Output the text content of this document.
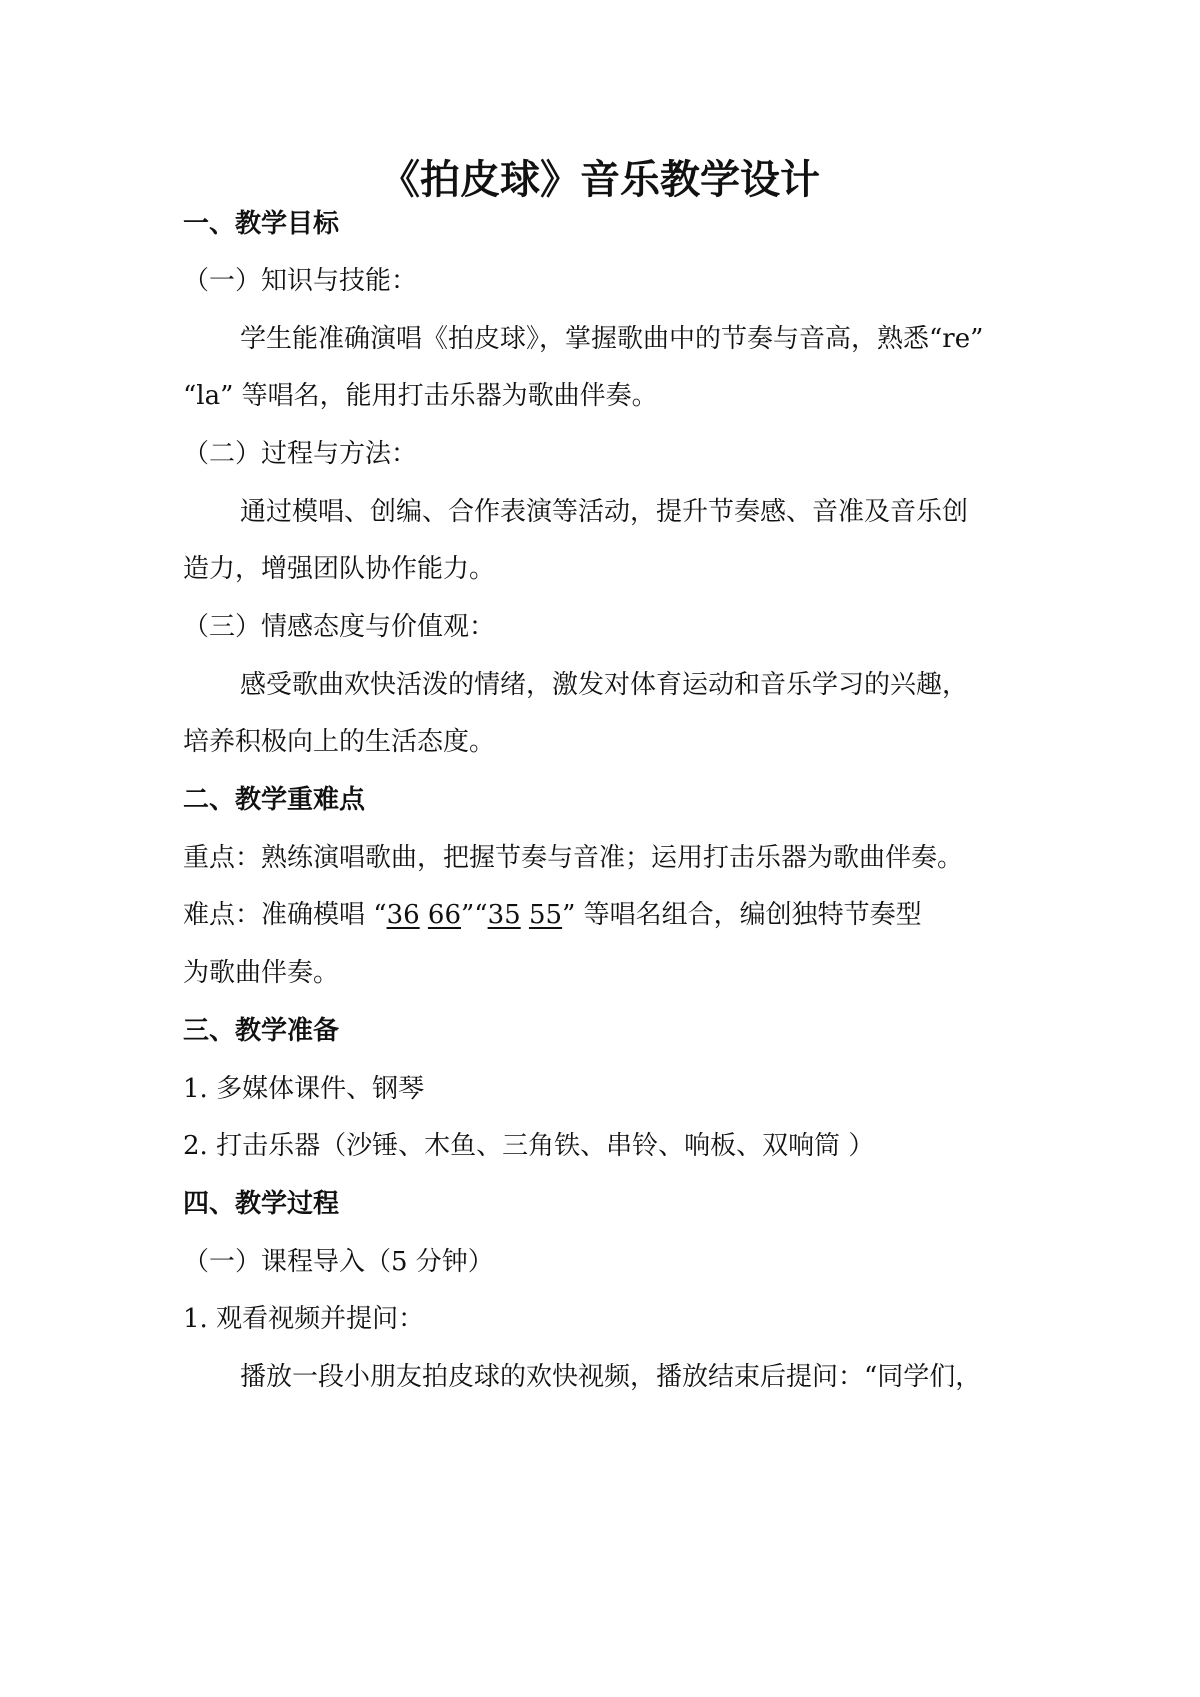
《拍皮球》音乐教学设计
一、教学目标
（一）知识与技能：
学生能准确演唱《拍皮球》，掌握歌曲中的节奏与音高，熟悉“re”
“la” 等唱名，能用打击乐器为歌曲伴奏。
（二）过程与方法：
通过模唱、创编、合作表演等活动，提升节奏感、音准及音乐创
造力，增强团队协作能力。
（三）情感态度与价值观：
感受歌曲欢快活泼的情绪，激发对体育运动和音乐学习的兴趣，
培养积极向上的生活态度。
二、教学重难点
重点：熟练演唱歌曲，把握节奏与音准；运用打击乐器为歌曲伴奏。
难点：准确模唱 “36 66”“35 55” 等唱名组合，编创独特节奏型
为歌曲伴奏。
三、教学准备
1. 多媒体课件、钢琴
2. 打击乐器（沙锤、木鱼、三角铁、串铃、响板、双响筒 ）
四、教学过程
（一）课程导入（5 分钟）
1. 观看视频并提问：
播放一段小朋友拍皮球的欢快视频，播放结束后提问：“同学们，
